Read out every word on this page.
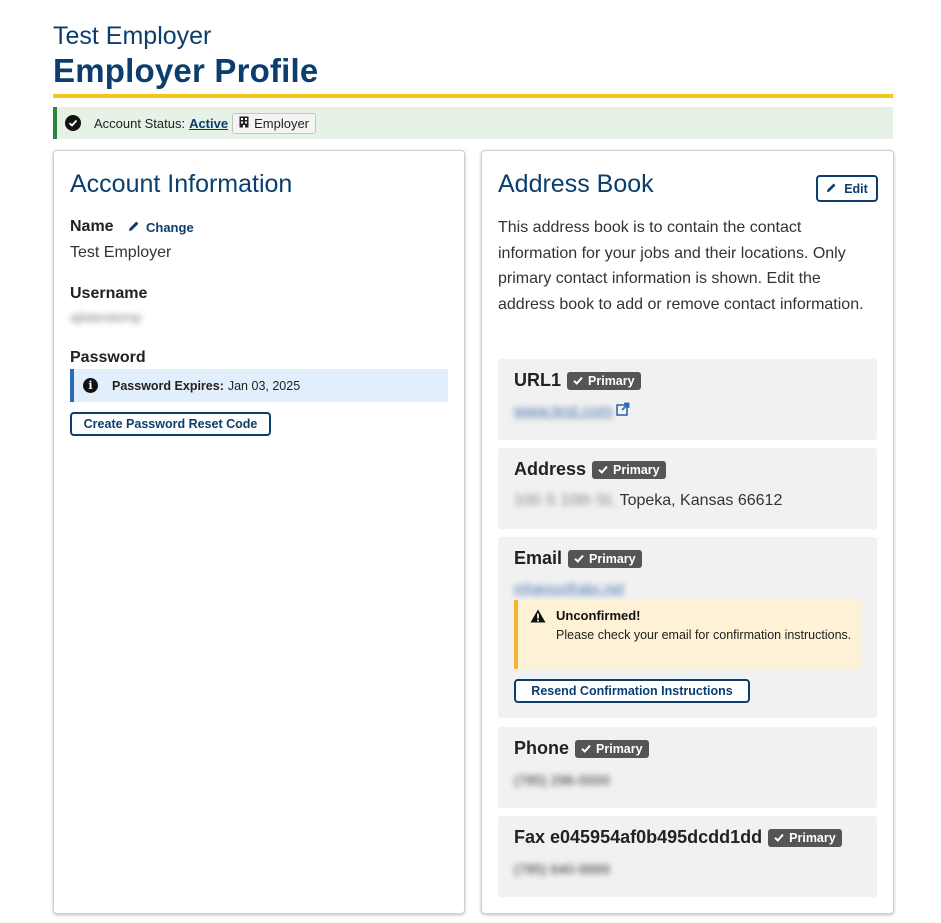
Test Employer
Employer Profile
Account Status: Active Employer
Account Information
Name Change
Test Employer
Username
ajlatestemp
Password
i	Password Expires: Jan 03, 2025
Create Password Reset Code
Address Book	Edit
This address book is to contain the contact information for your jobs and their locations. Only primary contact information is shown. Edit the address book to add or remove contact information.
URL1 Primary
www.test.com
Address Primary
100 S 10th St, Topeka, Kansas 66612
Email Primary
mhanco@abc.net
Unconfirmed!
Please check your email for confirmation instructions.
Resend Confirmation Instructions
Phone Primary
(785) 296-0000
Fax e045954af0b495dcdd1dd Primary
(785) 640-9999
